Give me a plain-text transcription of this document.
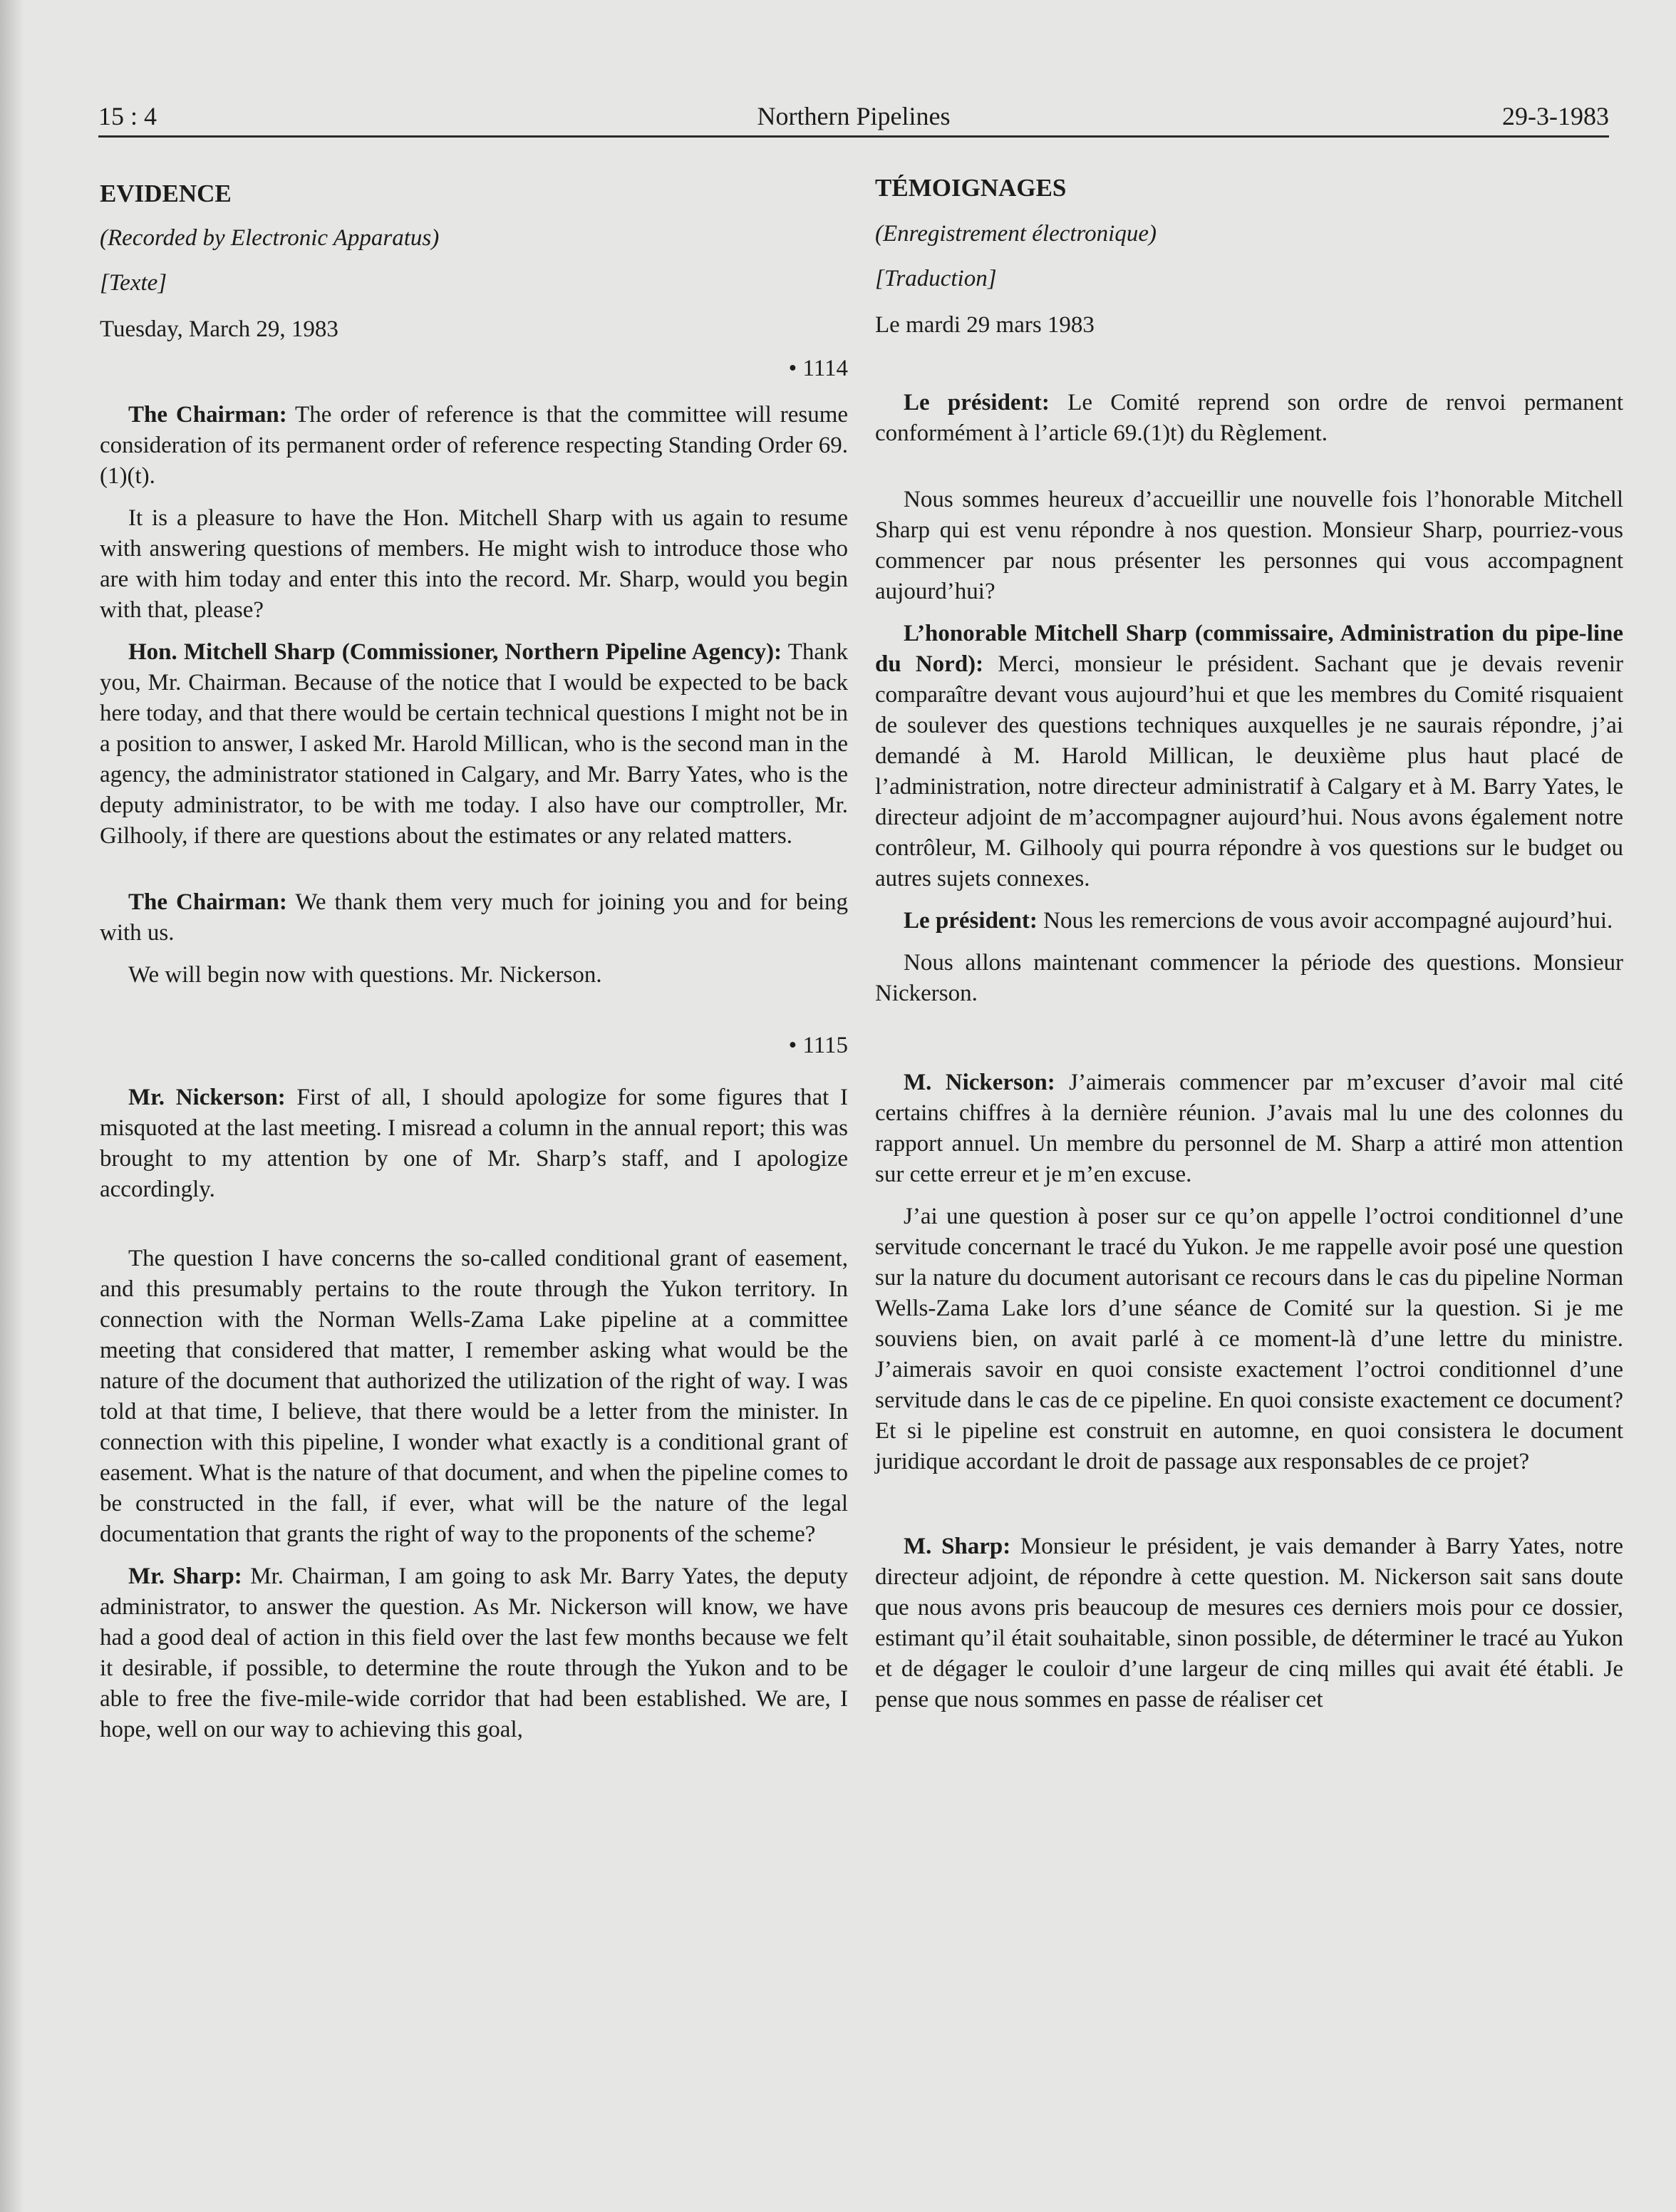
15 : 4	Northern Pipelines	29-3-1983
EVIDENCE

(Recorded by Electronic Apparatus)

[Texte]

Tuesday, March 29, 1983

• 1114

The Chairman: The order of reference is that the committee will resume consideration of its permanent order of reference respecting Standing Order 69.(1)(t).

It is a pleasure to have the Hon. Mitchell Sharp with us again to resume with answering questions of members. He might wish to introduce those who are with him today and enter this into the record. Mr. Sharp, would you begin with that, please?

Hon. Mitchell Sharp (Commissioner, Northern Pipeline Agency): Thank you, Mr. Chairman. Because of the notice that I would be expected to be back here today, and that there would be certain technical questions I might not be in a position to answer, I asked Mr. Harold Millican, who is the second man in the agency, the administrator stationed in Calgary, and Mr. Barry Yates, who is the deputy administrator, to be with me today. I also have our comptroller, Mr. Gilhooly, if there are questions about the estimates or any related matters.

The Chairman: We thank them very much for joining you and for being with us.

We will begin now with questions. Mr. Nickerson.

• 1115

Mr. Nickerson: First of all, I should apologize for some figures that I misquoted at the last meeting. I misread a column in the annual report; this was brought to my attention by one of Mr. Sharp’s staff, and I apologize accordingly.

The question I have concerns the so-called conditional grant of easement, and this presumably pertains to the route through the Yukon territory. In connection with the Norman Wells-Zama Lake pipeline at a committee meeting that considered that matter, I remember asking what would be the nature of the document that authorized the utilization of the right of way. I was told at that time, I believe, that there would be a letter from the minister. In connection with this pipeline, I wonder what exactly is a conditional grant of easement. What is the nature of that document, and when the pipeline comes to be constructed in the fall, if ever, what will be the nature of the legal documentation that grants the right of way to the proponents of the scheme?

Mr. Sharp: Mr. Chairman, I am going to ask Mr. Barry Yates, the deputy administrator, to answer the question. As Mr. Nickerson will know, we have had a good deal of action in this field over the last few months because we felt it desirable, if possible, to determine the route through the Yukon and to be able to free the five-mile-wide corridor that had been established. We are, I hope, well on our way to achieving this goal,

TÉMOIGNAGES

(Enregistrement électronique)

[Traduction]

Le mardi 29 mars 1983

Le président: Le Comité reprend son ordre de renvoi permanent conformément à l’article 69.(1)t) du Règlement.

Nous sommes heureux d’accueillir une nouvelle fois l’honorable Mitchell Sharp qui est venu répondre à nos question. Monsieur Sharp, pourriez-vous commencer par nous présenter les personnes qui vous accompagnent aujourd’hui?

L’honorable Mitchell Sharp (commissaire, Administration du pipe-line du Nord): Merci, monsieur le président. Sachant que je devais revenir comparaître devant vous aujourd’hui et que les membres du Comité risquaient de soulever des questions techniques auxquelles je ne saurais répondre, j’ai demandé à M. Harold Millican, le deuxième plus haut placé de l’administration, notre directeur administratif à Calgary et à M. Barry Yates, le directeur adjoint de m’accompagner aujourd’hui. Nous avons également notre contrôleur, M. Gilhooly qui pourra répondre à vos questions sur le budget ou autres sujets connexes.

Le président: Nous les remercions de vous avoir accompagné aujourd’hui.

Nous allons maintenant commencer la période des questions. Monsieur Nickerson.

M. Nickerson: J’aimerais commencer par m’excuser d’avoir mal cité certains chiffres à la dernière réunion. J’avais mal lu une des colonnes du rapport annuel. Un membre du personnel de M. Sharp a attiré mon attention sur cette erreur et je m’en excuse.

J’ai une question à poser sur ce qu’on appelle l’octroi conditionnel d’une servitude concernant le tracé du Yukon. Je me rappelle avoir posé une question sur la nature du document autorisant ce recours dans le cas du pipeline Norman Wells-Zama Lake lors d’une séance de Comité sur la question. Si je me souviens bien, on avait parlé à ce moment-là d’une lettre du ministre. J’aimerais savoir en quoi consiste exactement l’octroi conditionnel d’une servitude dans le cas de ce pipeline. En quoi consiste exactement ce document? Et si le pipeline est construit en automne, en quoi consistera le document juridique accordant le droit de passage aux responsables de ce projet?

M. Sharp: Monsieur le président, je vais demander à Barry Yates, notre directeur adjoint, de répondre à cette question. M. Nickerson sait sans doute que nous avons pris beaucoup de mesures ces derniers mois pour ce dossier, estimant qu’il était souhaitable, sinon possible, de déterminer le tracé au Yukon et de dégager le couloir d’une largeur de cinq milles qui avait été établi. Je pense que nous sommes en passe de réaliser cet
